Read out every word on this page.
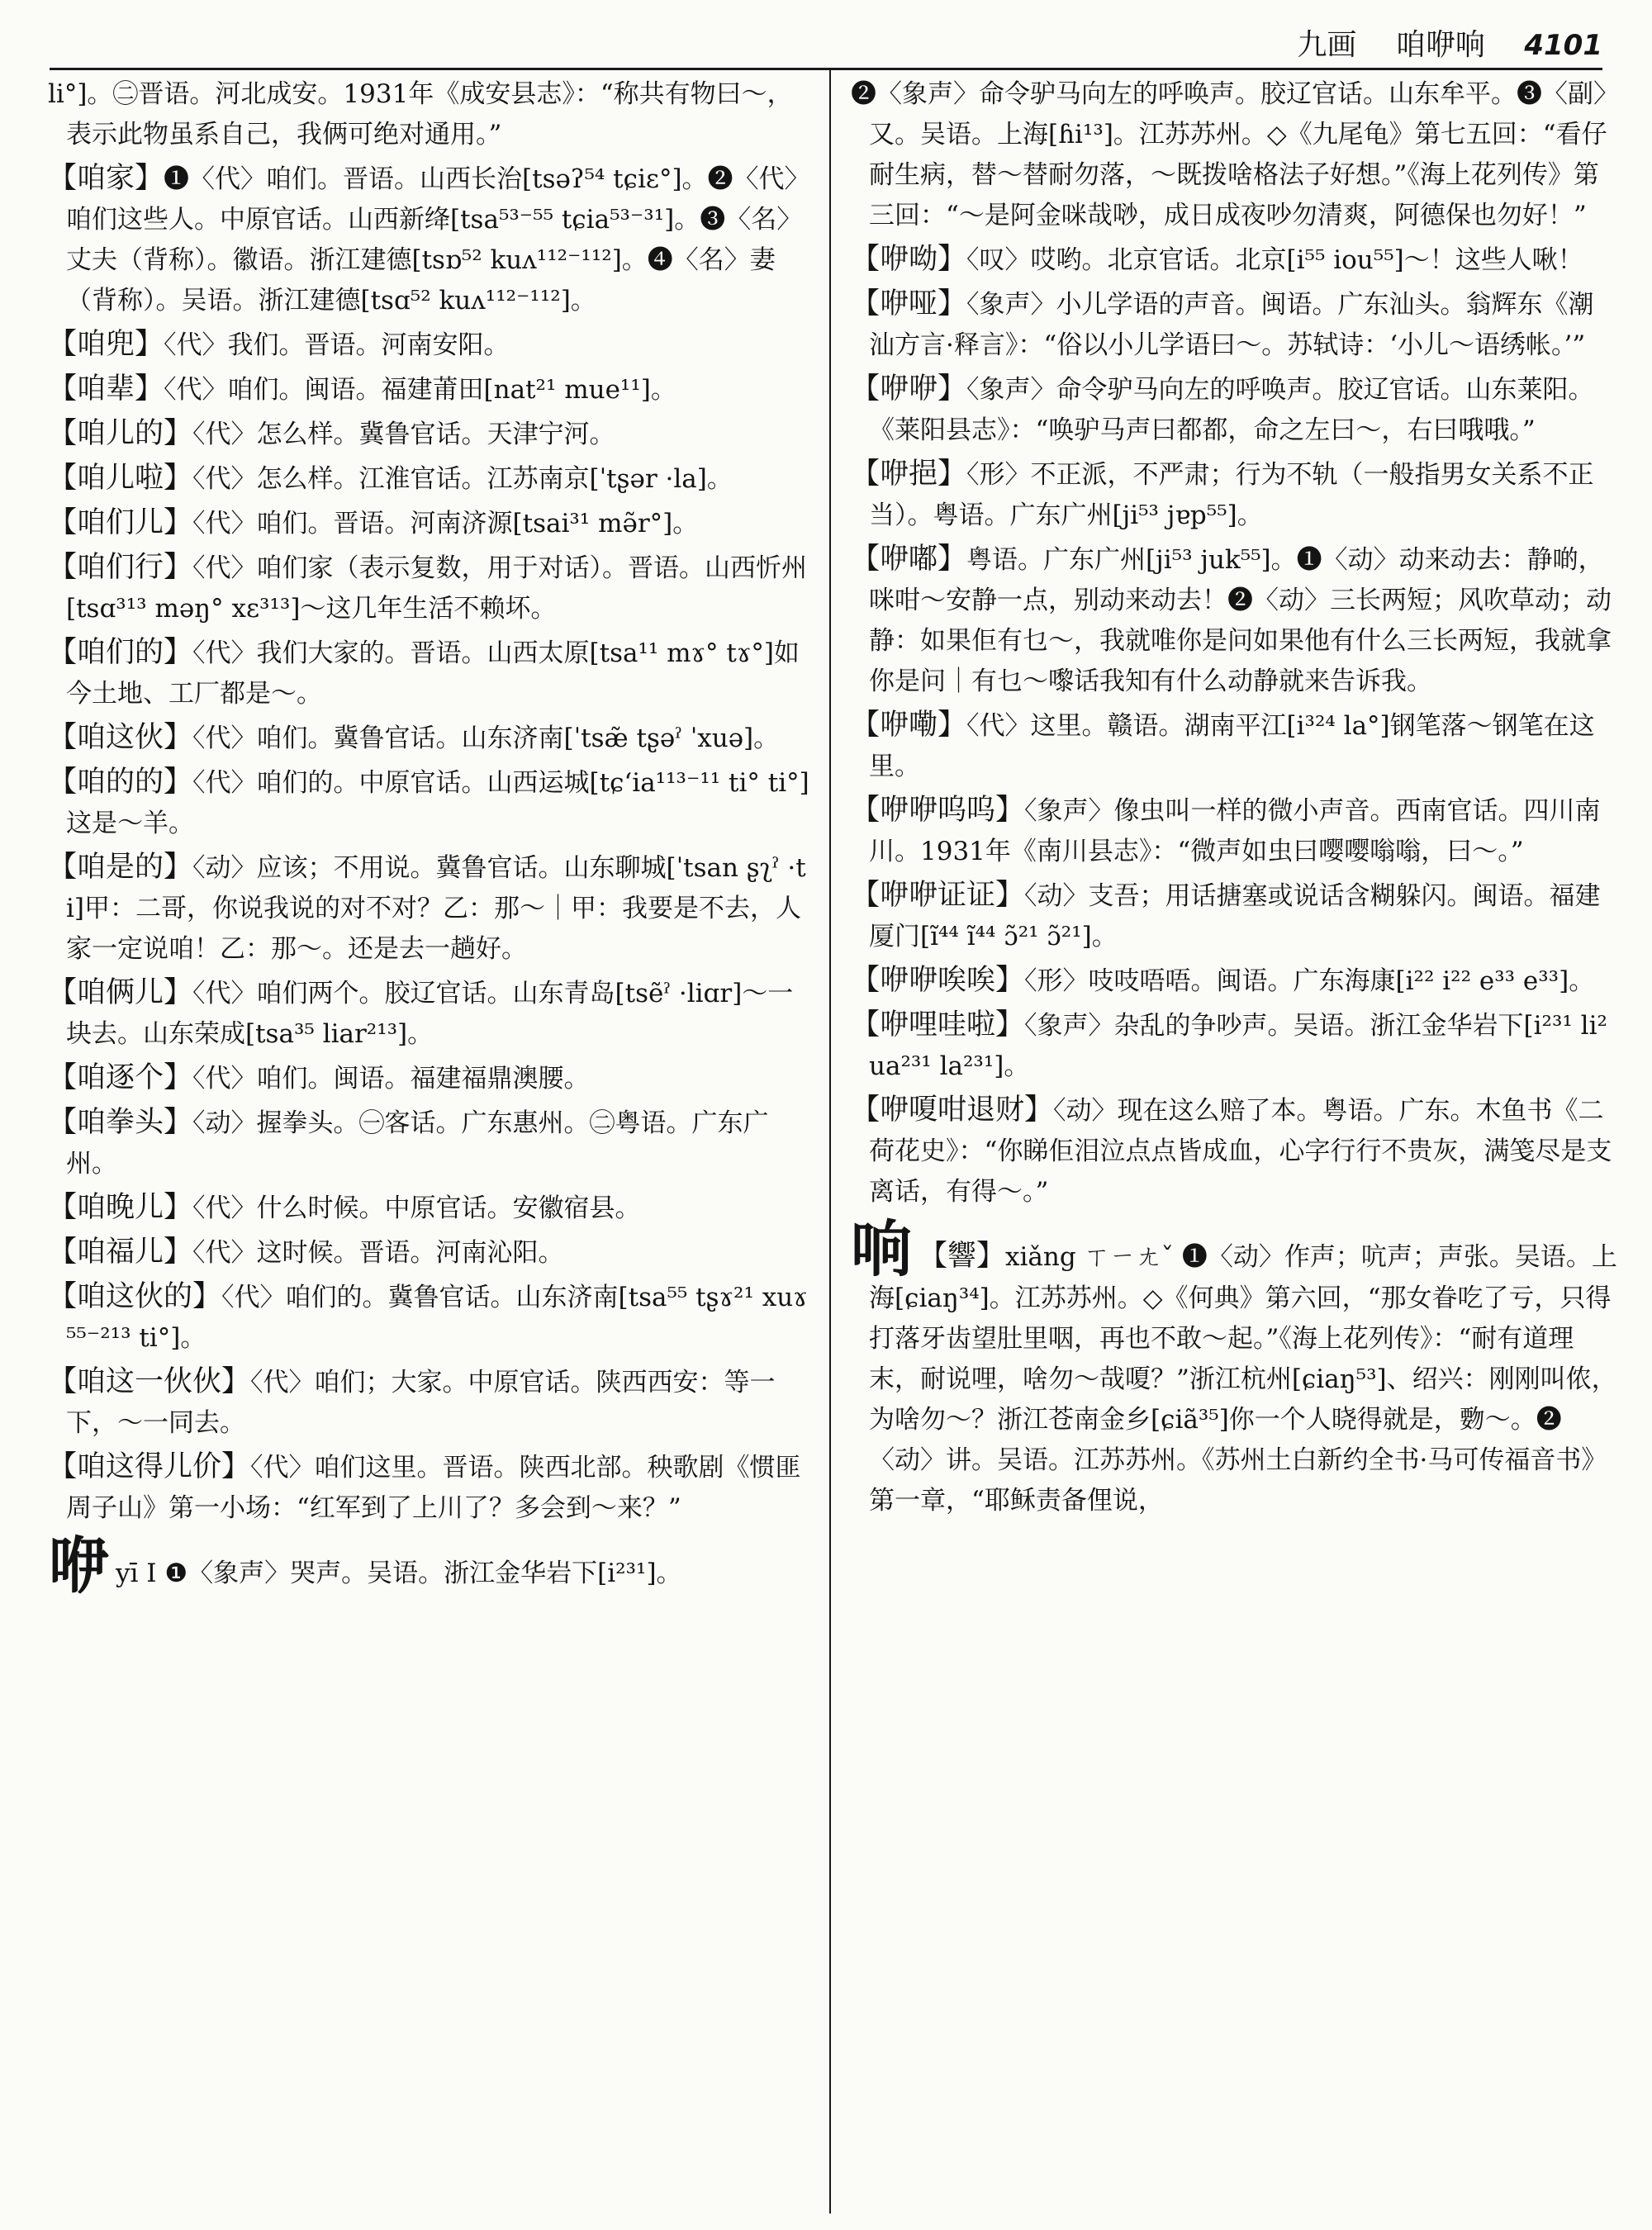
九画 咱咿响 4101

li°]。㊁晋语。河北成安。1931年《成安县志》：“称共有物曰～，表示此物虽系自己，我俩可绝对通用。”

【咱家】❶〈代〉咱们。晋语。山西长治[tsəʔ⁵⁴ tɕiɛ°]。❷〈代〉咱们这些人。中原官话。山西新绛[tsa⁵³⁻⁵⁵ tɕia⁵³⁻³¹]。❸〈名〉丈夫（背称）。徽语。浙江建德[tsɒ⁵² kuʌ¹¹²⁻¹¹²]。❹〈名〉妻（背称）。吴语。浙江建德[tsɑ⁵² kuʌ¹¹²⁻¹¹²]。

【咱兜】〈代〉我们。晋语。河南安阳。

【咱辈】〈代〉咱们。闽语。福建莆田[nat²¹ mue¹¹]。

【咱儿的】〈代〉怎么样。冀鲁官话。天津宁河。

【咱儿啦】〈代〉怎么样。江淮官话。江苏南京[ˈtʂər ·la]。

【咱们儿】〈代〉咱们。晋语。河南济源[tsai³¹ mə̃r°]。

【咱们行】〈代〉咱们家（表示复数，用于对话）。晋语。山西忻州[tsɑ³¹³ məŋ° xɛ³¹³]～这几年生活不赖坏。

【咱们的】〈代〉我们大家的。晋语。山西太原[tsa¹¹ mɤ° tɤ°]如今土地、工厂都是～。

【咱这伙】〈代〉咱们。冀鲁官话。山东济南[ˈtsæ̃ tʂəˀ ˈxuə]。

【咱的的】〈代〉咱们的。中原官话。山西运城[tɕʻia¹¹³⁻¹¹ ti° ti°]这是～羊。

【咱是的】〈动〉应该；不用说。冀鲁官话。山东聊城[ˈtsan ʂʅˀ ·ti]甲：二哥，你说我说的对不对？乙：那～｜甲：我要是不去，人家一定说咱！乙：那～。还是去一趟好。

【咱俩儿】〈代〉咱们两个。胶辽官话。山东青岛[tsẽˀ ·liɑr]～一块去。山东荣成[tsa³⁵ liar²¹³]。

【咱逐个】〈代〉咱们。闽语。福建福鼎澳腰。

【咱拳头】〈动〉握拳头。㊀客话。广东惠州。㊁粤语。广东广州。

【咱晚儿】〈代〉什么时候。中原官话。安徽宿县。

【咱福儿】〈代〉这时候。晋语。河南沁阳。

【咱这伙的】〈代〉咱们的。冀鲁官话。山东济南[tsa⁵⁵ tʂɤ²¹ xuɤ⁵⁵⁻²¹³ ti°]。

【咱这一伙伙】〈代〉咱们；大家。中原官话。陕西西安：等一下，～一同去。

【咱这得儿价】〈代〉咱们这里。晋语。陕西北部。秧歌剧《惯匪周子山》第一小场：“红军到了上川了？多会到～来？”

咿yī Ⅰ ❶〈象声〉哭声。吴语。浙江金华岩下[i²³¹]。

❷〈象声〉命令驴马向左的呼唤声。胶辽官话。山东牟平。❸〈副〉又。吴语。上海[ɦi¹³]。江苏苏州。◇《九尾龟》第七五回：“看仔耐生病，替～替耐勿落，～既拨啥格法子好想。”《海上花列传》第三回：“～是阿金咪哉唦，成日成夜吵勿清爽，阿德保也勿好！”

【咿呦】〈叹〉哎哟。北京官话。北京[i⁵⁵ iou⁵⁵]～！这些人啾！

【咿哑】〈象声〉小儿学语的声音。闽语。广东汕头。翁辉东《潮汕方言·释言》：“俗以小儿学语曰～。苏轼诗：‘小儿～语绣帐。’”

【咿咿】〈象声〉命令驴马向左的呼唤声。胶辽官话。山东莱阳。《莱阳县志》：“唤驴马声曰都都，命之左曰～，右曰哦哦。”

【咿挹】〈形〉不正派，不严肃；行为不轨（一般指男女关系不正当）。粤语。广东广州[ji⁵³ jɐp⁵⁵]。

【咿嘟】粤语。广东广州[ji⁵³ juk⁵⁵]。❶〈动〉动来动去：静啲，咪咁～安静一点，别动来动去！❷〈动〉三长两短；风吹草动；动静：如果佢有乜～，我就唯你是问如果他有什么三长两短，我就拿你是问｜有乜～嚟话我知有什么动静就来告诉我。

【咿嘞】〈代〉这里。赣语。湖南平江[i³²⁴ la°]钢笔落～钢笔在这里。

【咿咿呜呜】〈象声〉像虫叫一样的微小声音。西南官话。四川南川。1931年《南川县志》：“微声如虫曰嘤嘤嗡嗡，曰～。”

【咿咿证证】〈动〉支吾；用话搪塞或说话含糊躲闪。闽语。福建厦门[ĩ⁴⁴ ĩ⁴⁴ ɔ̃²¹ ɔ̃²¹]。

【咿咿唉唉】〈形〉吱吱唔唔。闽语。广东海康[i²² i²² e³³ e³³]。

【咿哩哇啦】〈象声〉杂乱的争吵声。吴语。浙江金华岩下[i²³¹ li² ua²³¹ la²³¹]。

【咿嗄咁退财】〈动〉现在这么赔了本。粤语。广东。木鱼书《二荷花史》：“你睇佢泪泣点点皆成血，心字行行不贵灰，满笺尽是支离话，有得～。”

响 【響】xiǎng ㄒㄧㄤˇ ❶〈动〉作声；吭声；声张。吴语。上海[ɕiaŋ³⁴]。江苏苏州。◇《何典》第六回，“那女眷吃了亏，只得打落牙齿望肚里咽，再也不敢～起。”《海上花列传》：“耐有道理末，耐说哩，啥勿～哉嗄？”浙江杭州[ɕiaŋ⁵³]、绍兴：刚刚叫侬，为啥勿～？浙江苍南金乡[ɕiã³⁵]你一个人晓得就是，覅～。❷〈动〉讲。吴语。江苏苏州。《苏州土白新约全书·马可传福音书》第一章，“耶稣责备俚说，
